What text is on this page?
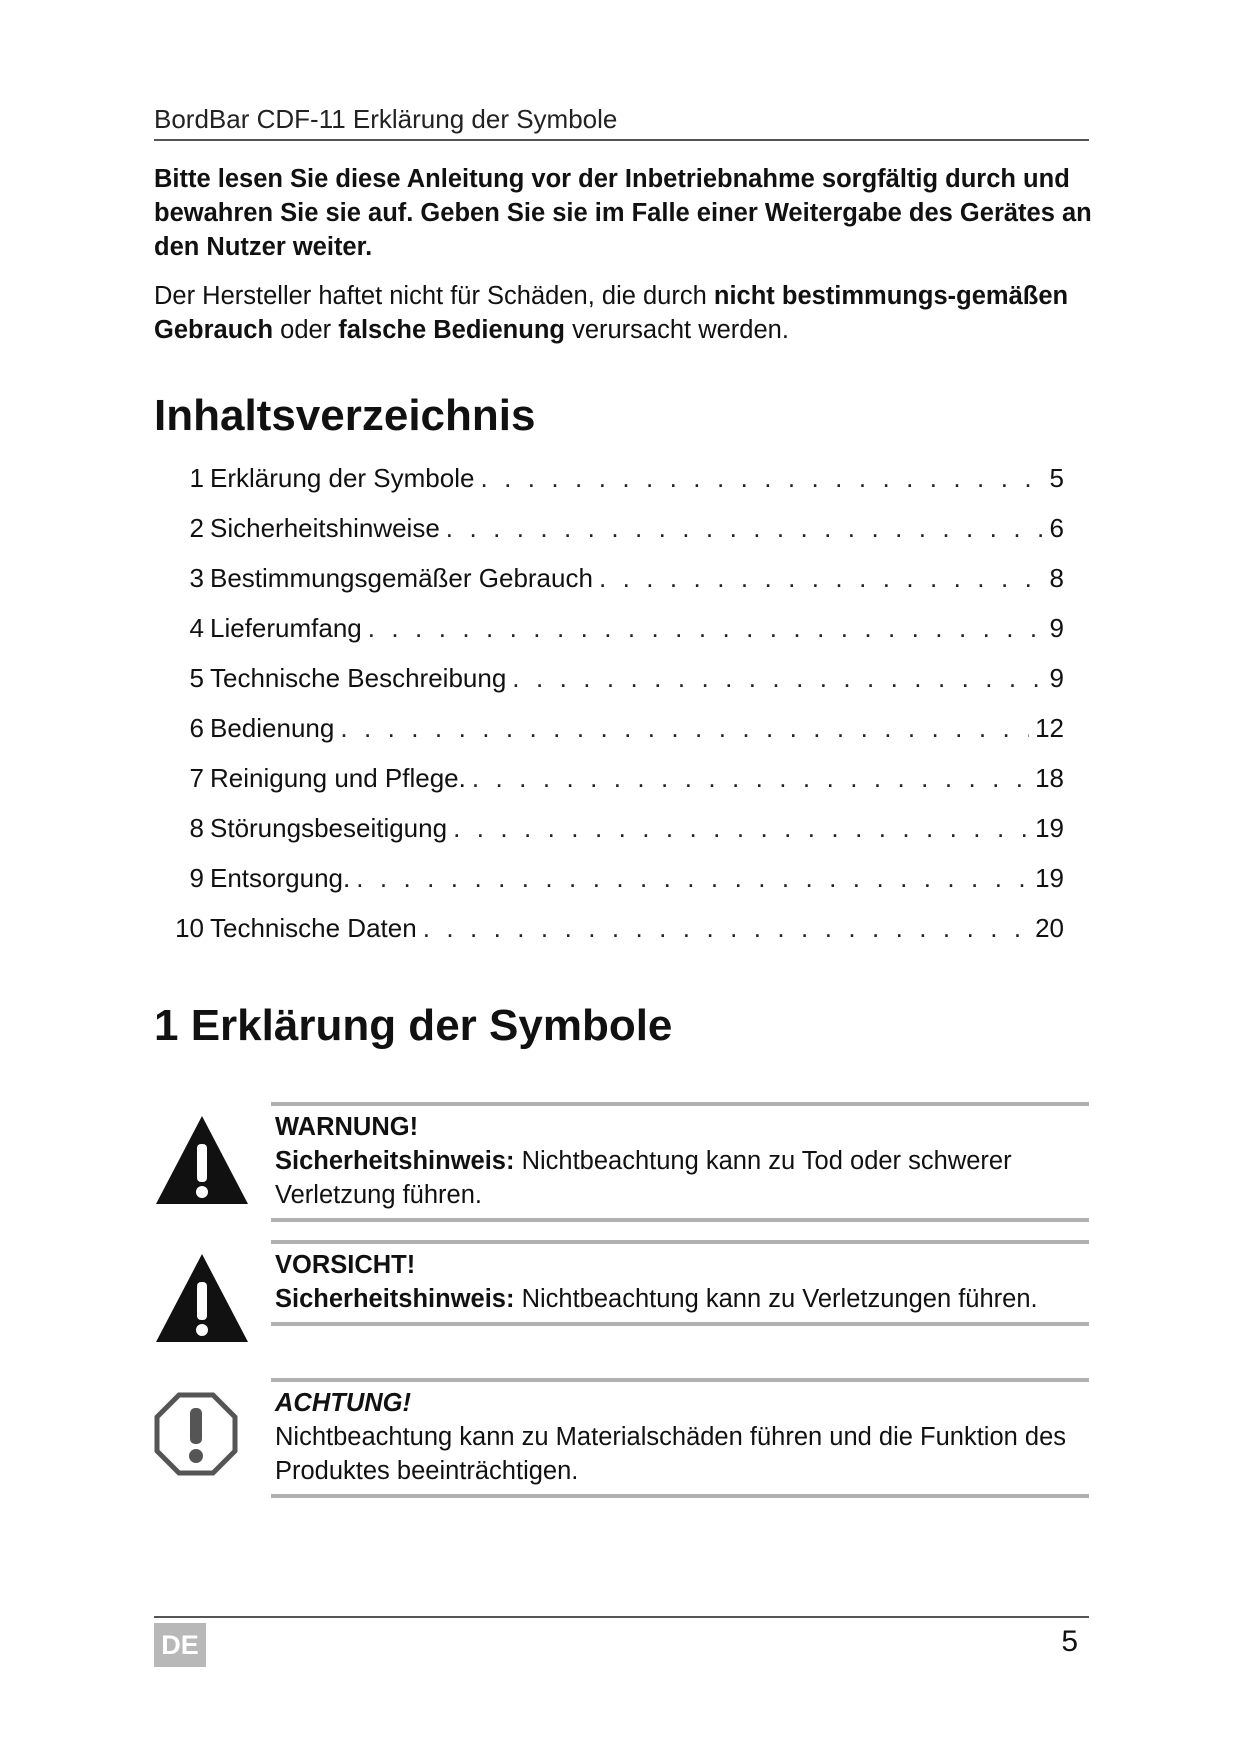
BordBar CDF-11 Erklärung der Symbole

Bitte lesen Sie diese Anleitung vor der Inbetriebnahme sorgfältig durch und bewahren Sie sie auf. Geben Sie sie im Falle einer Weitergabe des Gerätes an den Nutzer weiter.

Der Hersteller haftet nicht für Schäden, die durch nicht bestimmungs-gemäßen Gebrauch oder falsche Bedienung verursacht werden.

Inhaltsverzeichnis
1 Erklärung der Symbole . . .	5
2 Sicherheitshinweise . . .	6
3 Bestimmungsgemäßer Gebrauch . . .	8
4 Lieferumfang . . .	9
5 Technische Beschreibung . . .	9
6 Bedienung . . .	12
7 Reinigung und Pflege. . . .	18
8 Störungsbeseitigung . . .	19
9 Entsorgung. . . .	19
10 Technische Daten . . .	20
1 Erklärung der Symbole

WARNUNG!

Sicherheitshinweis: Nichtbeachtung kann zu Tod oder schwerer Verletzung führen.

VORSICHT!

Sicherheitshinweis: Nichtbeachtung kann zu Verletzungen führen.

ACHTUNG!

Nichtbeachtung kann zu Materialschäden führen und die Funktion des Produktes beeinträchtigen.

DE	5
